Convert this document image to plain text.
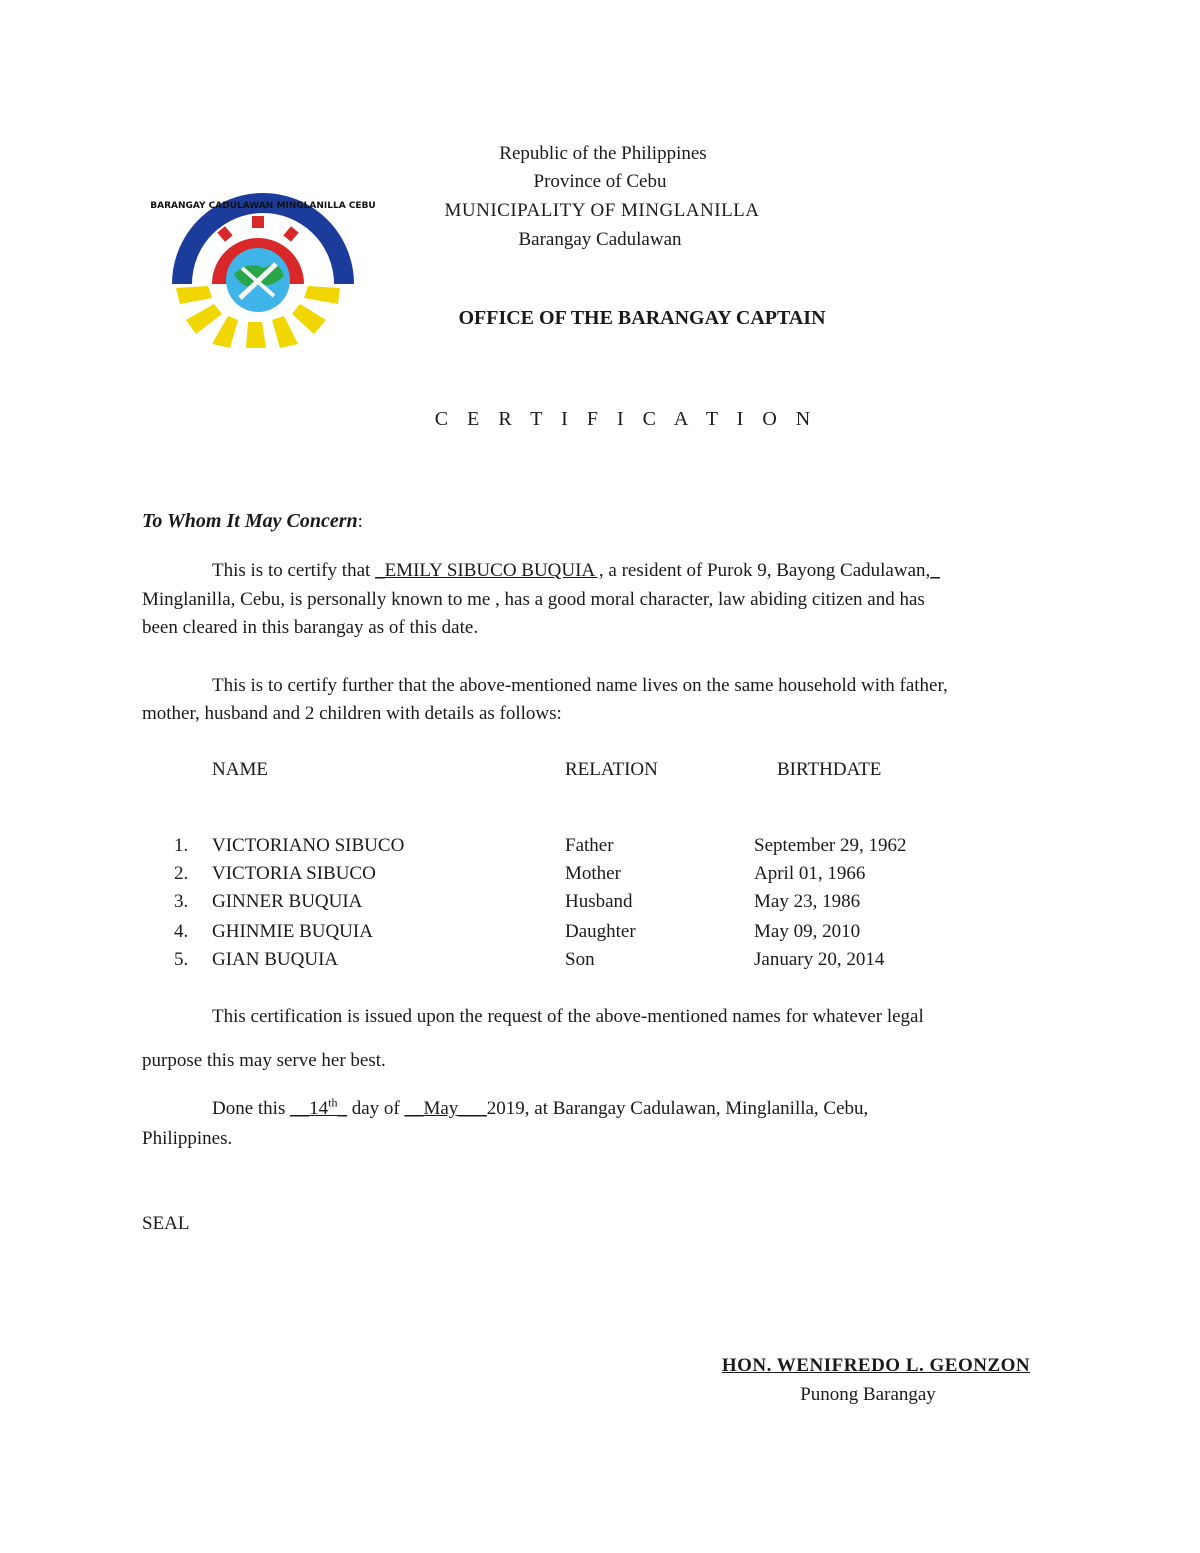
BARANGAY CADULAWAN MINGLANILLA CEBU
Republic of the Philippines
Province of Cebu
MUNICIPALITY OF MINGLANILLA
Barangay Cadulawan
OFFICE OF THE BARANGAY CAPTAIN
C E R T I F I C A T I O N
To Whom It May Concern:
This is to certify that _EMILY SIBUCO BUQUIA , a resident of Purok 9, Bayong Cadulawan,_
Minglanilla, Cebu, is personally known to me , has a good moral character, law abiding citizen and has
been cleared in this barangay as of this date.
This is to certify further that the above-mentioned name lives on the same household with father,
mother, husband and 2 children with details as follows:
NAME	RELATION	BIRTHDATE
1. VICTORIANO SIBUCO	Father	September 29, 1962
2. VICTORIA SIBUCO	Mother	April 01, 1966
3. GINNER BUQUIA	Husband	May 23, 1986
4. GHINMIE BUQUIA	Daughter	May 09, 2010
5. GIAN BUQUIA	Son	January 20, 2014
This certification is issued upon the request of the above-mentioned names for whatever legal
purpose this may serve her best.
Done this __14th_ day of __May___2019, at Barangay Cadulawan, Minglanilla, Cebu,
Philippines.
SEAL
HON. WENIFREDO L. GEONZON
Punong Barangay
